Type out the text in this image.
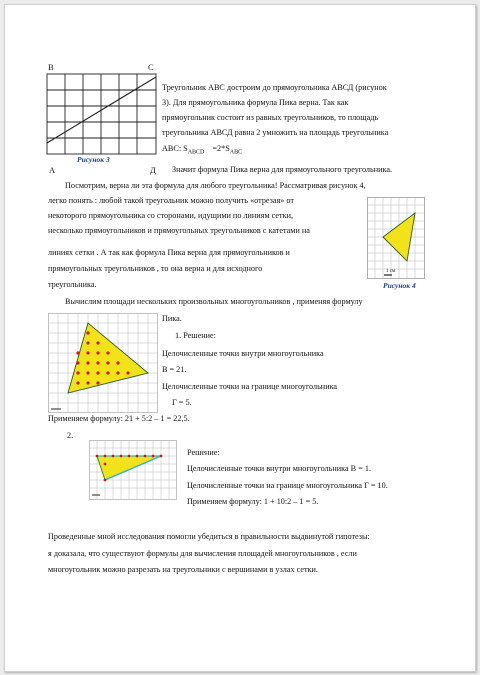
B	C
Рисунок 3
A	Д
Треугольник АВС достроим до прямоугольника АВСД (рисунок
3). Для прямоугольника формула Пика верна. Так как
прямоугольник состоит из равных треугольников, то площадь
треугольника АВСД равна 2 умножить на площадь треугольника
АВС: $S_{АВСD} =2*S_{ABC}$
Значит формула Пика верна для прямоугольного треугольника.
Посмотрим, верна ли эта формула для любого треугольника! Рассматривая рисунок 4,
легко понять : любой такой треугольник можно получить «отрезая» от
некоторого прямоугольника со сторонами, идущими по линиям сетки,
несколько прямоугольников и прямоугольных треугольников с катетами на
линиях сетки . А так как формула Пика верна для прямоугольников и
прямоугольных треугольников , то она верна и для исходного
треугольника.
1 см
Рисунок 4
Вычислим площади нескольких произвольных многоугольников , применяя формулу
Пика.
1. Решение:
Целочисленные точки внутри многоугольника
В = 21.
Целочисленные точки на границе многоугольника
Г = 5.
Применяем формулу: 21 + 5:2 – 1 = 22,5.
2.
Решение:
Целочисленные точки внутри многоугольника В = 1.
Целочисленные точки на границе многоугольника Г = 10.
Применяем формулу: 1 + 10:2 – 1 = 5.
Проведенные мной исследования помогли убедиться в правильности выдвинутой гипотезы:
я доказала, что существуют формулы для вычисления площадей многоугольников , если
многоугольник можно разрезать на треугольники с вершинами в узлах сетки.
